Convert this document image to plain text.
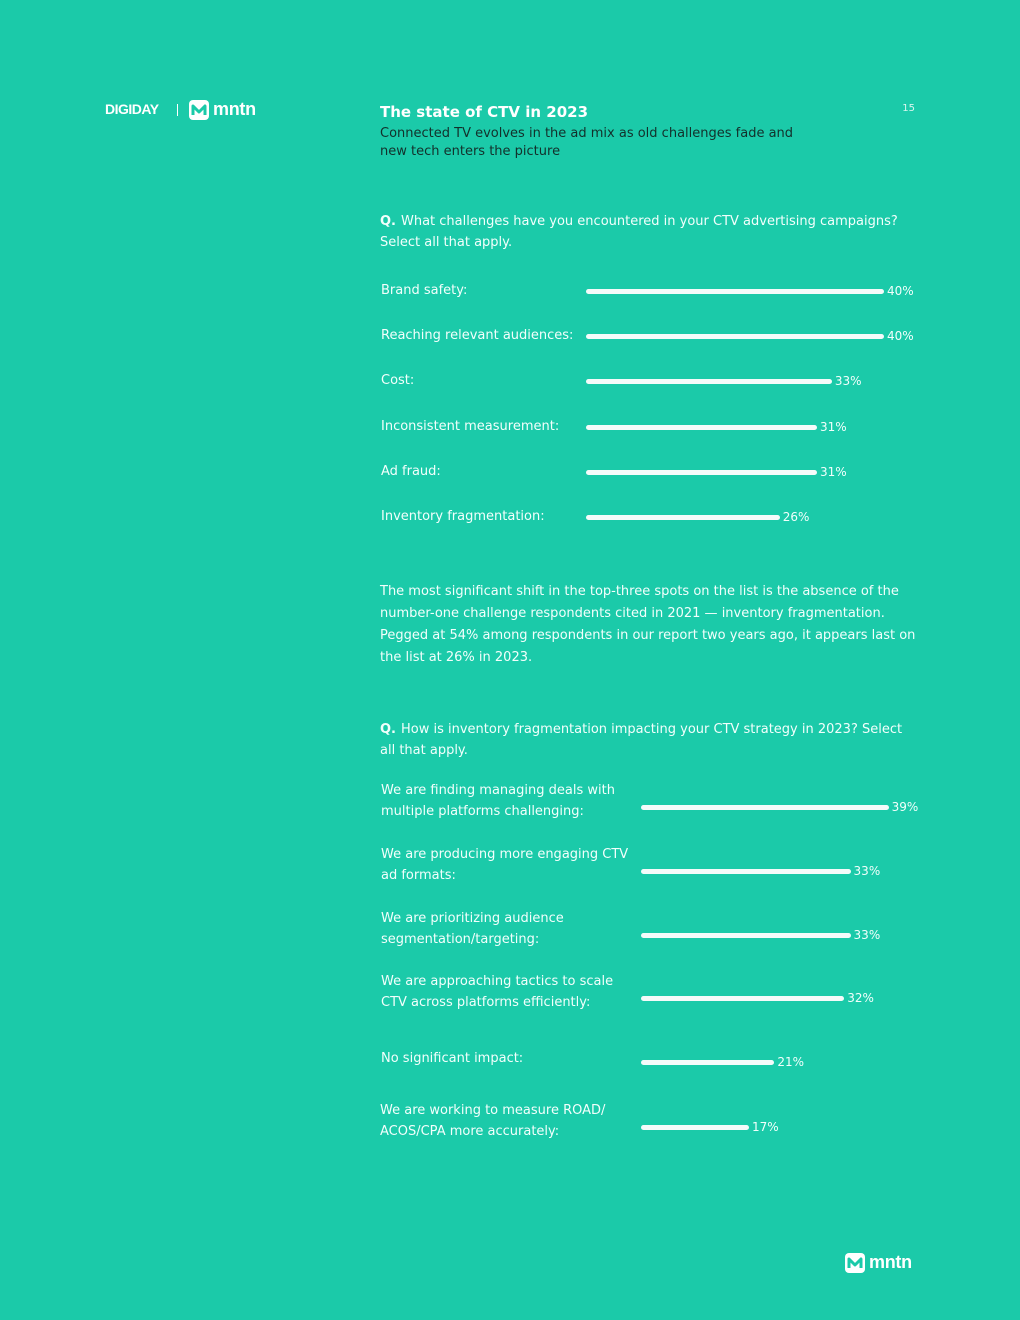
DIGIDAY	mntn	The state of CTV in 2023
Connected TV evolves in the ad mix as old challenges fade and new tech enters the picture
15
Q. What challenges have you encountered in your CTV advertising campaigns? Select all that apply.
Brand safety:	40%
Reaching relevant audiences:	40%
Cost:	33%
Inconsistent measurement:	31%
Ad fraud:	31%
Inventory fragmentation:	26%
The most significant shift in the top-three spots on the list is the absence of the number-one challenge respondents cited in 2021 — inventory fragmentation. Pegged at 54% among respondents in our report two years ago, it appears last on the list at 26% in 2023.
Q. How is inventory fragmentation impacting your CTV strategy in 2023? Select all that apply.
We are finding managing deals with multiple platforms challenging:	39%
We are producing more engaging CTV ad formats:	33%
We are prioritizing audience segmentation/targeting:	33%
We are approaching tactics to scale CTV across platforms efficiently:	32%
No significant impact:	21%
We are working to measure ROAD/ ACOS/CPA more accurately:	17%
mntn
